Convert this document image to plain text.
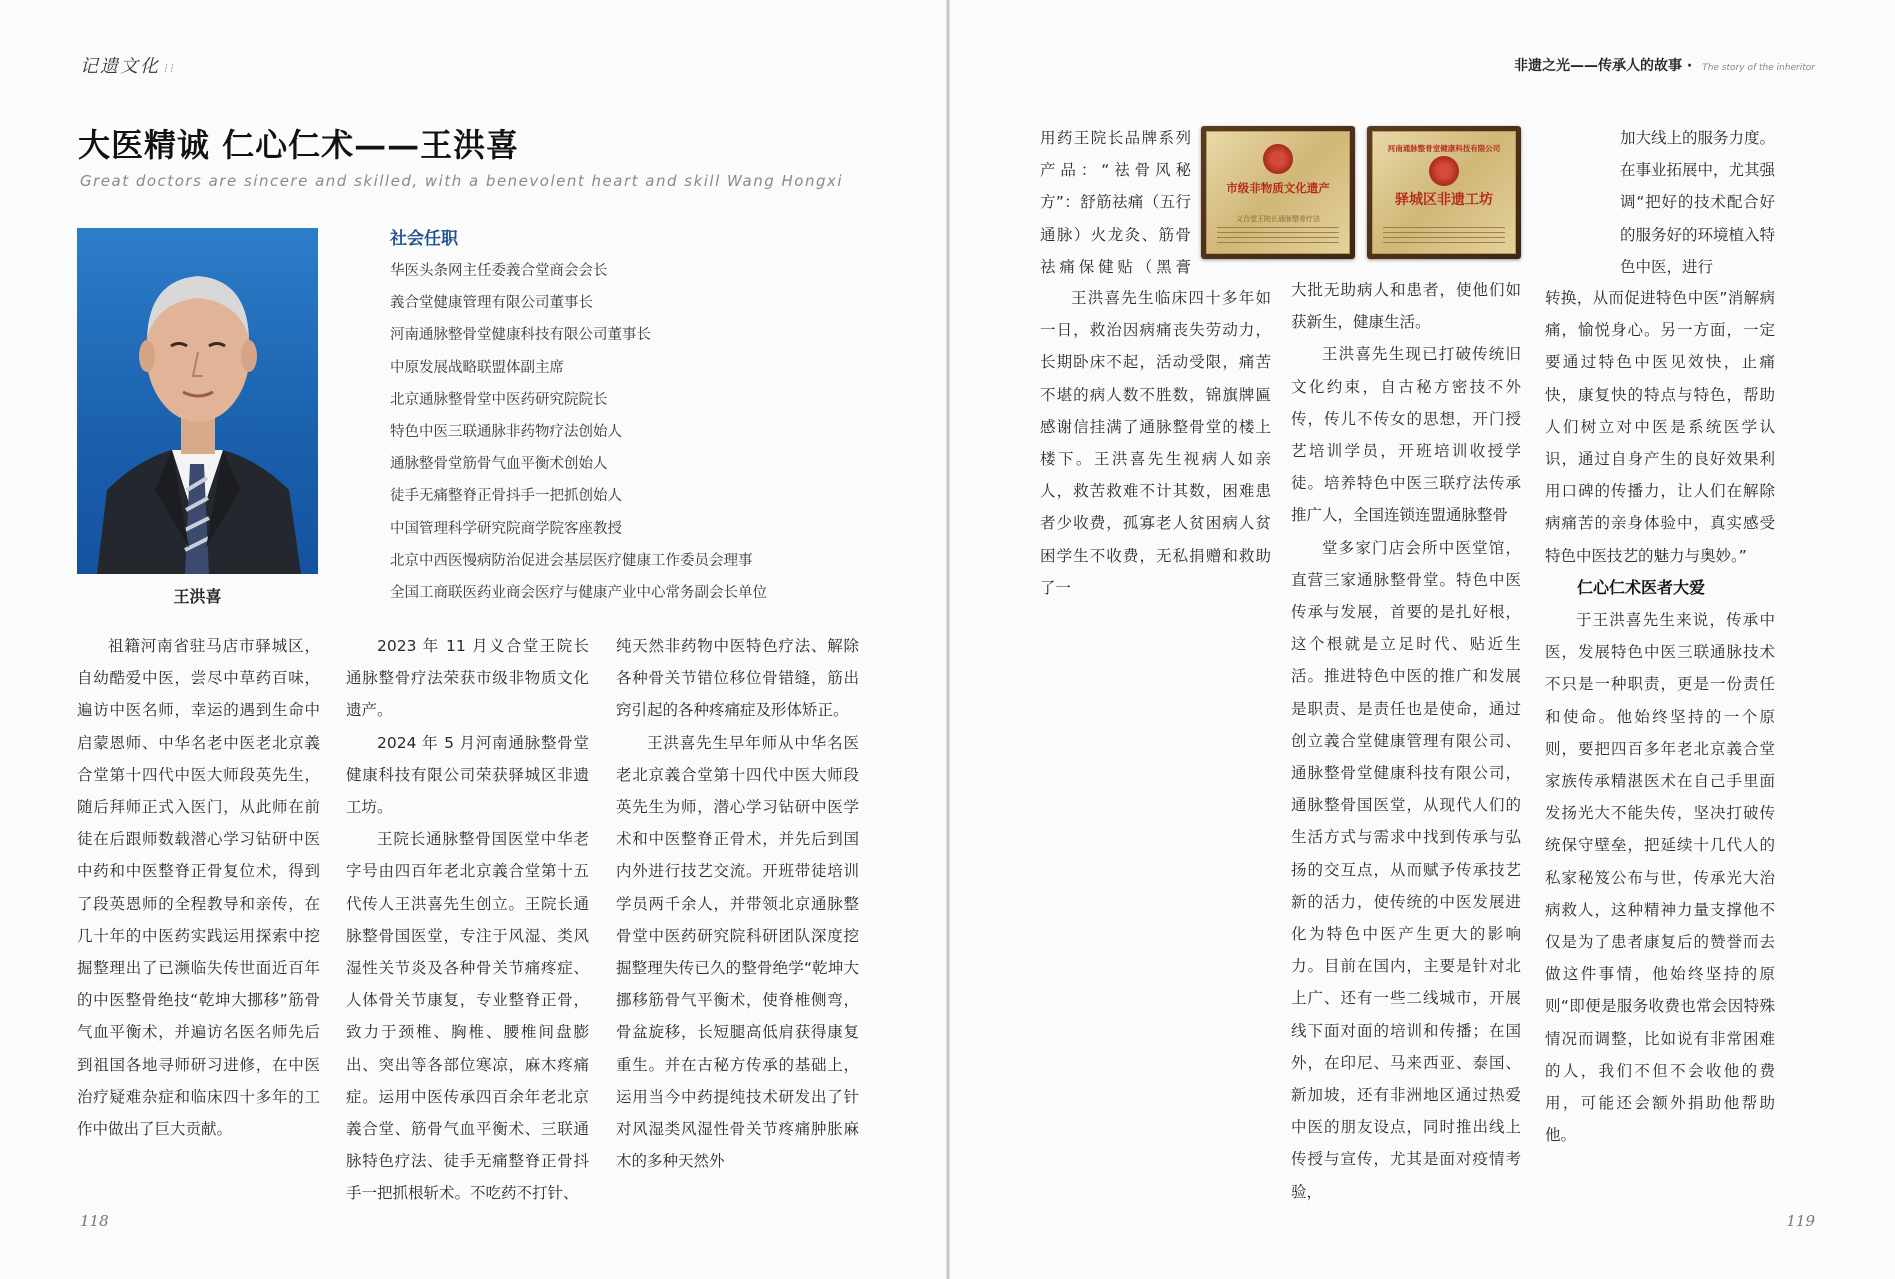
记遗文化 ⁞⁞
大医精诚 仁心仁术——王洪喜
Great doctors are sincere and skilled, with a benevolent heart and skill Wang Hongxi
王洪喜
社会任职
华医头条网主任委義合堂商会会长
義合堂健康管理有限公司董事长
河南通脉整骨堂健康科技有限公司董事长
中原发展战略联盟体副主席
北京通脉整骨堂中医药研究院院长
特色中医三联通脉非药物疗法创始人
通脉整骨堂筋骨气血平衡术创始人
徒手无痛整脊正骨抖手一把抓创始人
中国管理科学研究院商学院客座教授
北京中西医慢病防治促进会基层医疗健康工作委员会理事
全国工商联医药业商会医疗与健康产业中心常务副会长单位

祖籍河南省驻马店市驿城区，自幼酷爱中医，尝尽中草药百味，遍访中医名师，幸运的遇到生命中启蒙恩师、中华名老中医老北京義合堂第十四代中医大师段英先生，随后拜师正式入医门，从此师在前徒在后跟师数载潜心学习钻研中医中药和中医整脊正骨复位术，得到了段英恩师的全程教导和亲传，在几十年的中医药实践运用探索中挖掘整理出了已濒临失传世面近百年的中医整骨绝技“乾坤大挪移”筋骨气血平衡术，并遍访名医名师先后到祖国各地寻师研习进修，在中医治疗疑难杂症和临床四十多年的工作中做出了巨大贡献。

2023 年 11 月义合堂王院长通脉整骨疗法荣获市级非物质文化遗产。

2024 年 5 月河南通脉整骨堂健康科技有限公司荣获驿城区非遗工坊。

王院长通脉整骨国医堂中华老字号由四百年老北京義合堂第十五代传人王洪喜先生创立。王院长通脉整骨国医堂，专注于风湿、类风湿性关节炎及各种骨关节痛疼症、人体骨关节康复，专业整脊正骨，致力于颈椎、胸椎、腰椎间盘膨出、突出等各部位寒凉，麻木疼痛症。运用中医传承四百余年老北京義合堂、筋骨气血平衡术、三联通脉特色疗法、徒手无痛整脊正骨抖手一把抓根斩术。不吃药不打针、

纯天然非药物中医特色疗法、解除各种骨关节错位移位骨错缝，筋出窍引起的各种疼痛症及形体矫正。

王洪喜先生早年师从中华名医老北京義合堂第十四代中医大师段英先生为师，潜心学习钻研中医学术和中医整脊正骨术，并先后到国内外进行技艺交流。开班带徒培训学员两千余人，并带领北京通脉整骨堂中医药研究院科研团队深度挖掘整理失传已久的整骨绝学“乾坤大挪移筋骨气平衡术，使脊椎侧弯，骨盆旋移，长短腿高低肩获得康复重生。并在古秘方传承的基础上，运用当今中药提纯技术研发出了针对风湿类风湿性骨关节疼痛肿胀麻木的多种天然外

118
非遗之光——传承人的故事 · The story of the inheritor
119

用药王院长品牌系列产品：“祛骨风秘方”：舒筋祛痛（五行通脉）火龙灸、筋骨祛痛保健贴（黑膏

市级非物质文化遗产
义合堂王院长通脉整骨疗法
河南通脉整骨堂健康科技有限公司
驿城区非遗工坊

王洪喜先生临床四十多年如一日，救治因病痛丧失劳动力，长期卧床不起，活动受限，痛苦不堪的病人数不胜数，锦旗牌匾感谢信挂满了通脉整骨堂的楼上楼下。王洪喜先生视病人如亲人，救苦救难不计其数，困难患者少收费，孤寡老人贫困病人贫困学生不收费，无私捐赠和救助了一

大批无助病人和患者，使他们如获新生，健康生活。

王洪喜先生现已打破传统旧文化约束，自古秘方密技不外传，传儿不传女的思想，开门授艺培训学员，开班培训收授学徒。培养特色中医三联疗法传承推广人，全国连锁连盟通脉整骨

堂多家门店会所中医堂馆，直营三家通脉整骨堂。特色中医传承与发展，首要的是扎好根，这个根就是立足时代、贴近生活。推进特色中医的推广和发展是职责、是责任也是使命，通过创立義合堂健康管理有限公司、通脉整骨堂健康科技有限公司，通脉整骨国医堂，从现代人们的生活方式与需求中找到传承与弘扬的交互点，从而赋予传承技艺新的活力，使传统的中医发展进化为特色中医产生更大的影响力。目前在国内，主要是针对北上广、还有一些二线城市，开展线下面对面的培训和传播；在国外，在印尼、马来西亚、泰国、新加坡，还有非洲地区通过热爱中医的朋友设点，同时推出线上传授与宣传，尤其是面对疫情考验，

加大线上的服务力度。在事业拓展中，尤其强调“把好的技术配合好的服务好的环境植入特色中医，进行

转换，从而促进特色中医”消解病痛，愉悦身心。另一方面，一定要通过特色中医见效快，止痛快，康复快的特点与特色，帮助人们树立对中医是系统医学认识，通过自身产生的良好效果利用口碑的传播力，让人们在解除病痛苦的亲身体验中，真实感受特色中医技艺的魅力与奥妙。”

仁心仁术医者大爱

于王洪喜先生来说，传承中医，发展特色中医三联通脉技术不只是一种职责，更是一份责任和使命。他始终坚持的一个原则，要把四百多年老北京義合堂家族传承精湛医术在自己手里面发扬光大不能失传，坚决打破传统保守壁垒，把延续十几代人的私家秘笈公布与世，传承光大治病救人，这种精神力量支撑他不仅是为了患者康复后的赞誉而去做这件事情，他始终坚持的原则“即便是服务收费也常会因特殊情况而调整，比如说有非常困难的人，我们不但不会收他的费用，可能还会额外捐助他帮助他。
